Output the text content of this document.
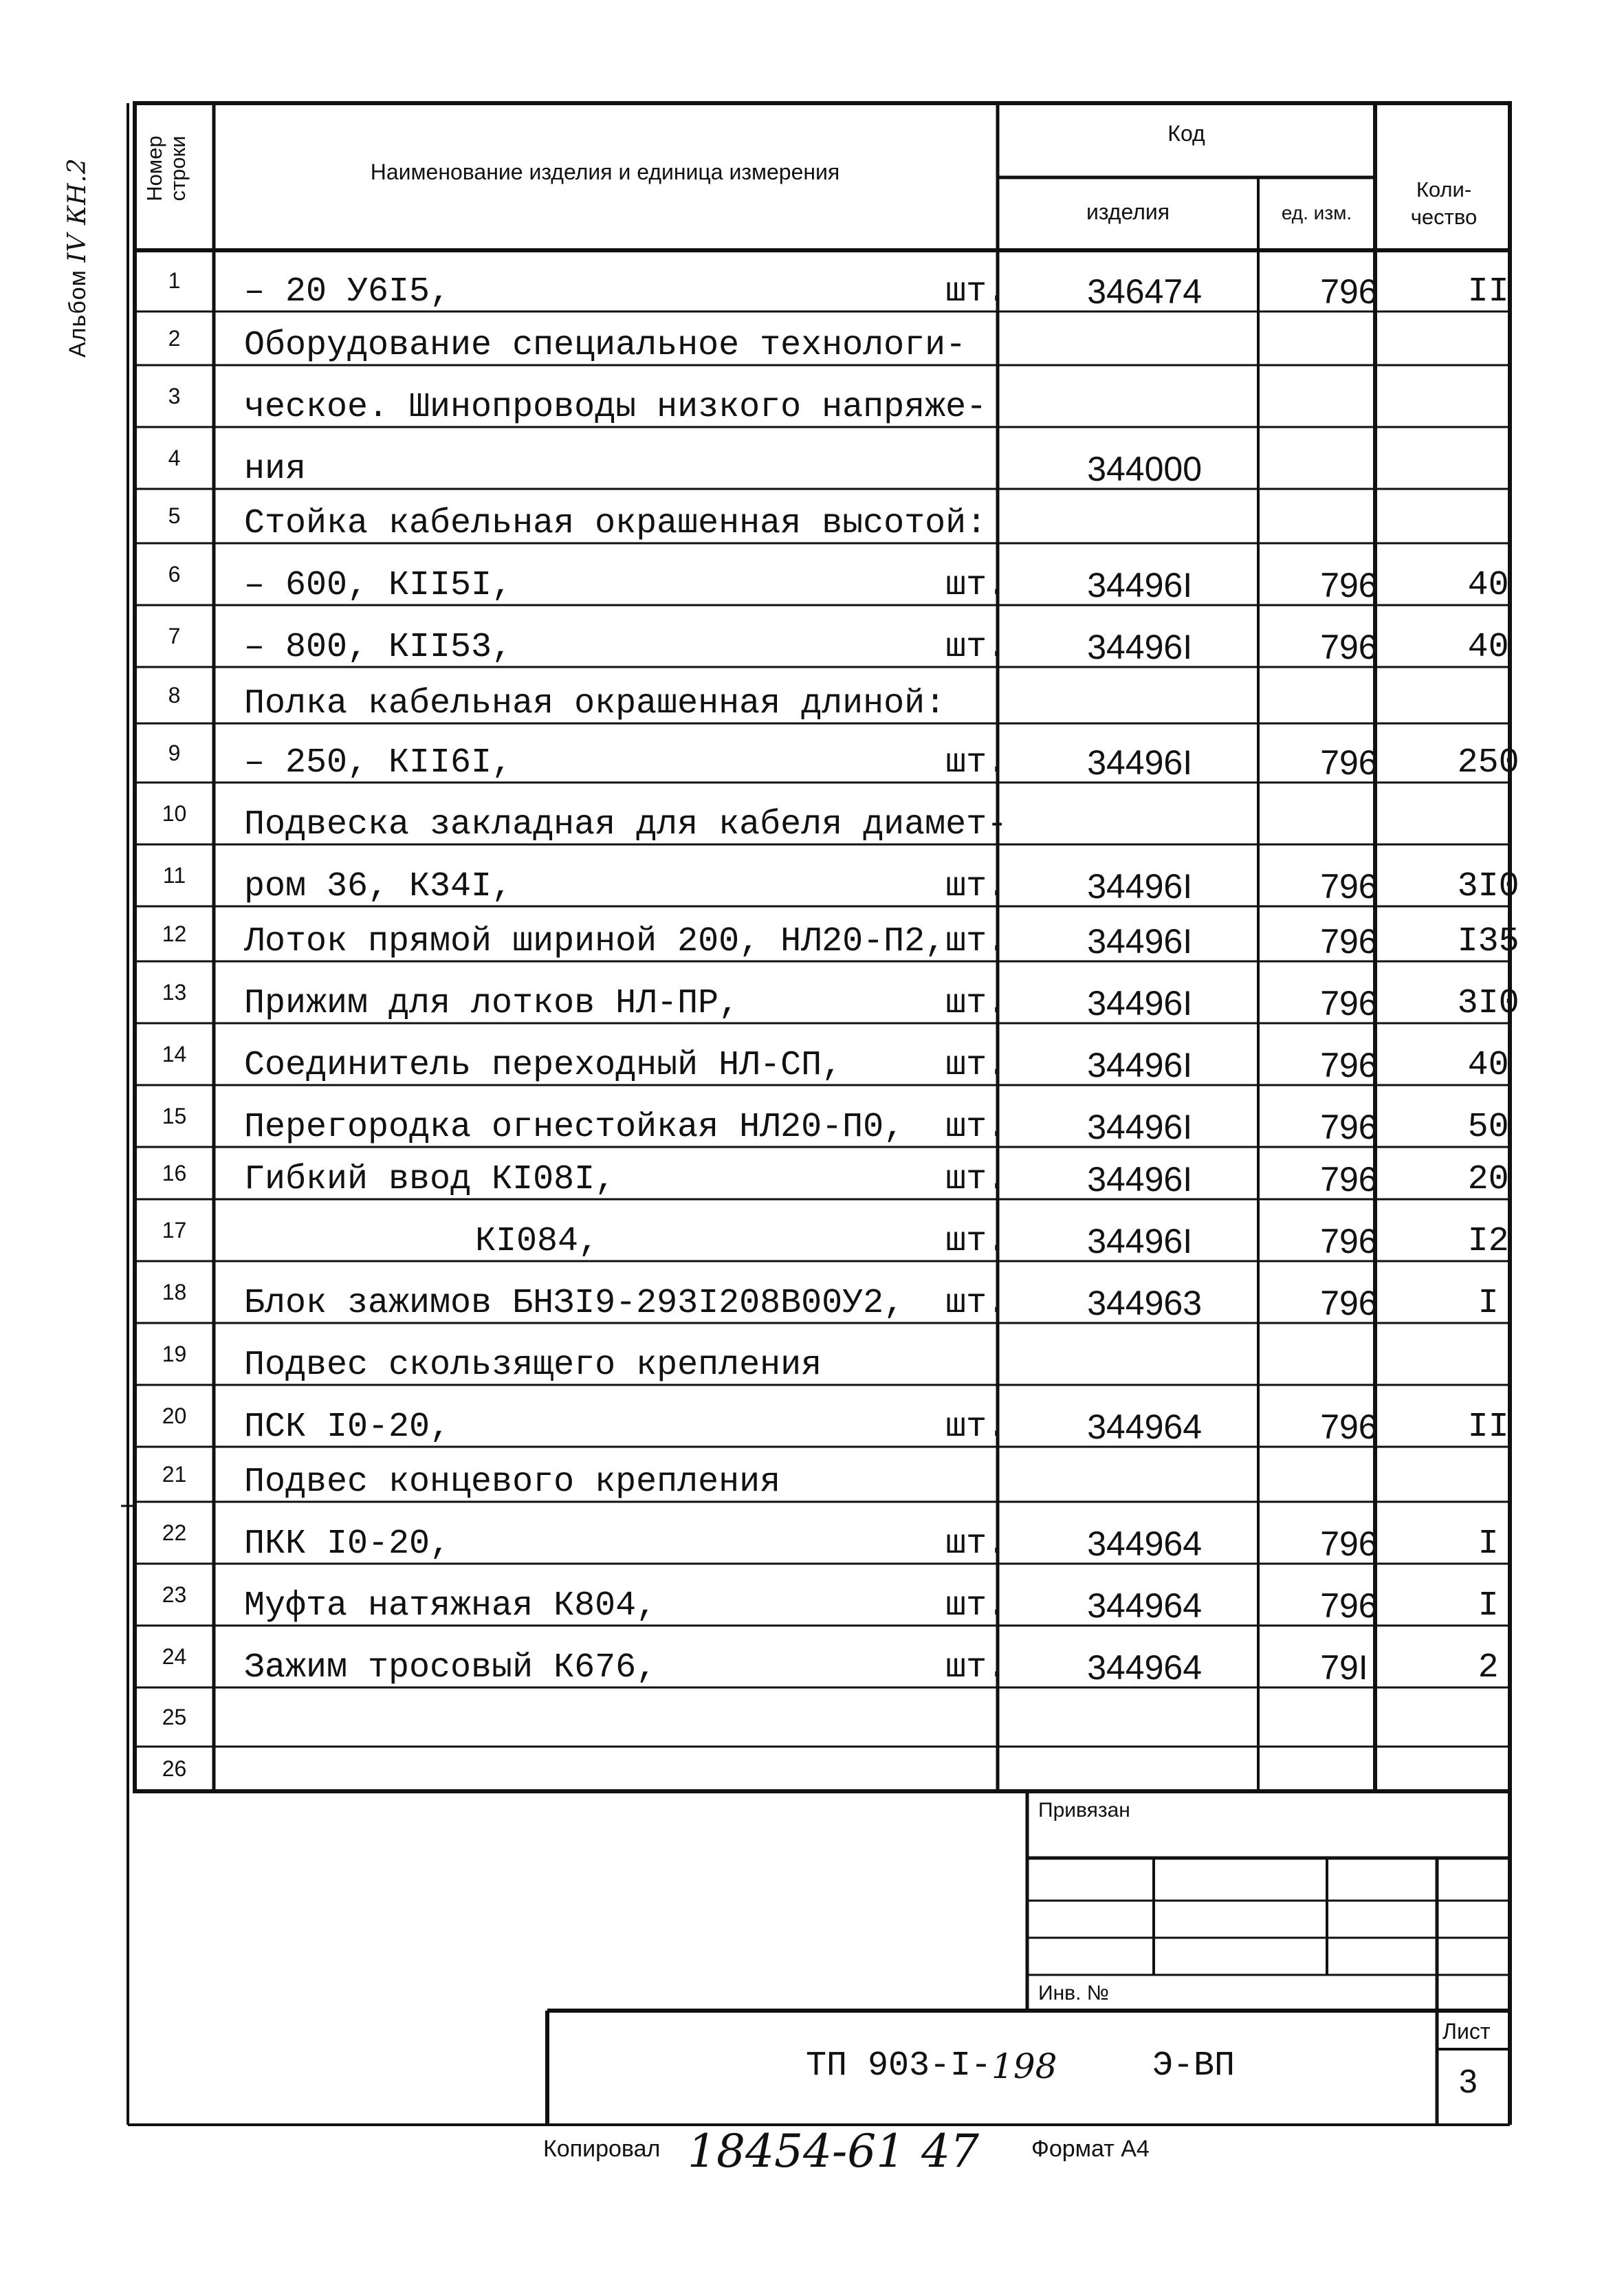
Альбом IV КН.2 Номер строки	Наименование изделия и единица измерения
Код
изделия	ед. изм.
Коли- чество
1	– 20 У6I5, шт.	346474	796	II
2	Оборудование специальное технологи-			

3	ческое. Шинопроводы низкого напряже-			

4	ния	344000		
5	Стойка кабельная окрашенная высотой:			

6	– 600, КII5I, шт.	34496I	796	40
7	– 800, КII53, шт.	34496I	796	40
8	Полка кабельная окрашенная длиной:			

9	– 250, КII6I, шт.	34496I	796	250
10	Подвеска закладная для кабеля диамет-			

11	ром 36, К34I, шт.	34496I	796	3I0
12	Лоток прямой шириной 200, НЛ20-П2, шт.	34496I	796	I35
13	Прижим для лотков НЛ-ПР, шт.	34496I	796	3I0
14	Соединитель переходный НЛ-СП, шт.	34496I	796	40
15	Перегородка огнестойкая НЛ20-П0, шт.	34496I	796	50
16	Гибкий ввод КI08I, шт.	34496I	796	20
17	КI084, шт.	34496I	796	I2
18	Блок зажимов БНЗI9-293I208В00У2, шт.	344963	796	I
19	Подвес скользящего крепления			

20	ПСК I0-20, шт.	344964	796	II
21	Подвес концевого крепления			

22	ПКК I0-20, шт.	344964	796	I
23	Муфта натяжная К804, шт.	344964	796	I
24	Зажим тросовый К676, шт.	344964	79I	2
25	

26	

Привязан
Инв. №
ТП 903-I- 198	Э-ВП
Лист
3
Копировал 18454-61 47 Формат А4
